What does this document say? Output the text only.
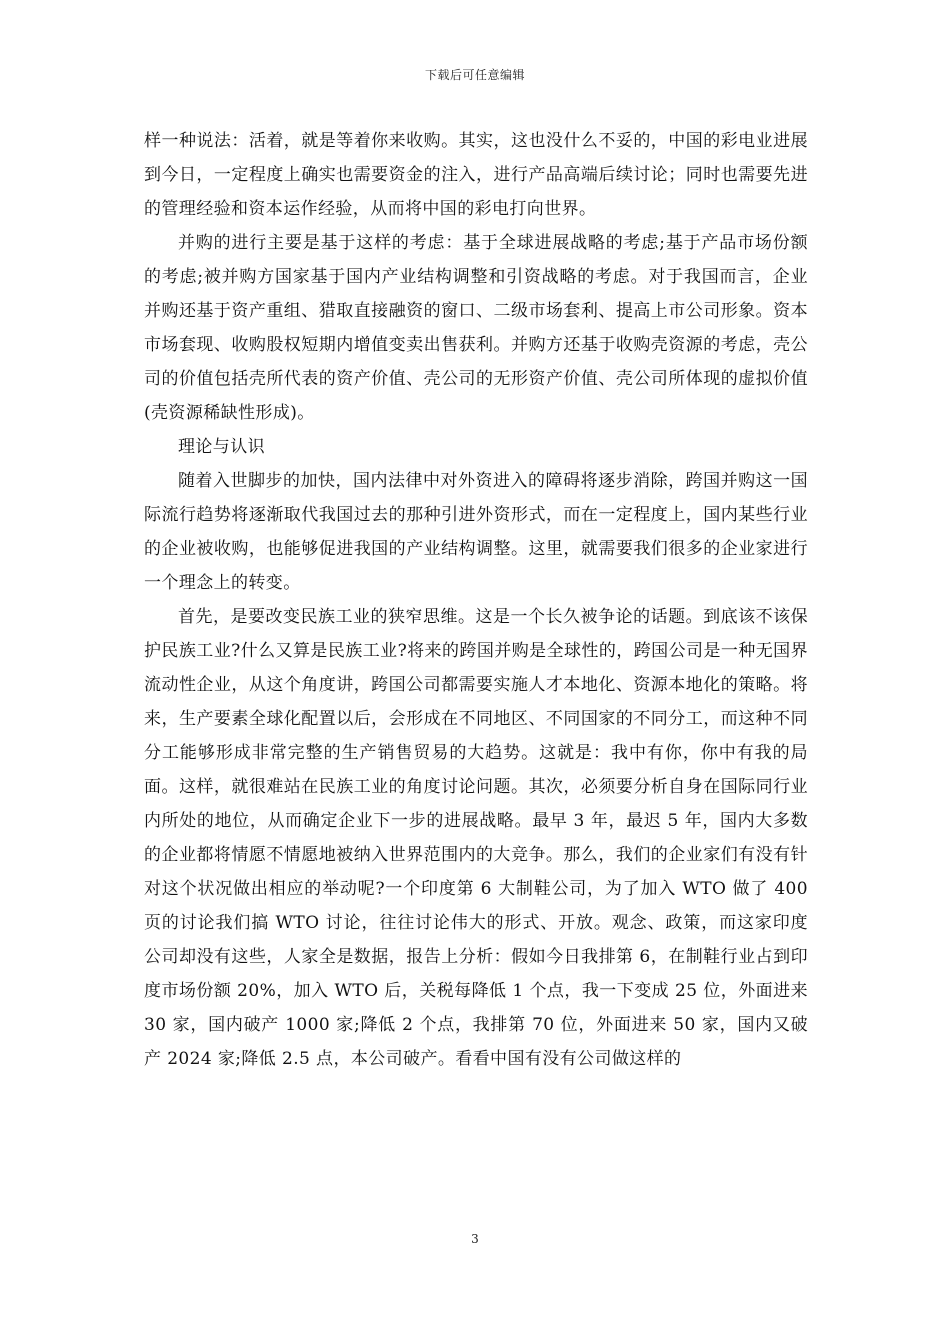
下载后可任意编辑

样一种说法：活着，就是等着你来收购。其实，这也没什么不妥的，中国的彩电业进展到今日，一定程度上确实也需要资金的注入，进行产品高端后续讨论；同时也需要先进的管理经验和资本运作经验，从而将中国的彩电打向世界。

并购的进行主要是基于这样的考虑：基于全球进展战略的考虑;基于产品市场份额的考虑;被并购方国家基于国内产业结构调整和引资战略的考虑。对于我国而言，企业并购还基于资产重组、猎取直接融资的窗口、二级市场套利、提高上市公司形象。资本市场套现、收购股权短期内增值变卖出售获利。并购方还基于收购壳资源的考虑，壳公司的价值包括壳所代表的资产价值、壳公司的无形资产价值、壳公司所体现的虚拟价值(壳资源稀缺性形成)。

理论与认识

随着入世脚步的加快，国内法律中对外资进入的障碍将逐步消除，跨国并购这一国际流行趋势将逐渐取代我国过去的那种引进外资形式，而在一定程度上，国内某些行业的企业被收购，也能够促进我国的产业结构调整。这里，就需要我们很多的企业家进行一个理念上的转变。

首先，是要改变民族工业的狭窄思维。这是一个长久被争论的话题。到底该不该保护民族工业?什么又算是民族工业?将来的跨国并购是全球性的，跨国公司是一种无国界流动性企业，从这个角度讲，跨国公司都需要实施人才本地化、资源本地化的策略。将来，生产要素全球化配置以后，会形成在不同地区、不同国家的不同分工，而这种不同分工能够形成非常完整的生产销售贸易的大趋势。这就是：我中有你，你中有我的局面。这样，就很难站在民族工业的角度讨论问题。其次，必须要分析自身在国际同行业内所处的地位，从而确定企业下一步的进展战略。最早 3 年，最迟 5 年，国内大多数的企业都将情愿不情愿地被纳入世界范围内的大竞争。那么，我们的企业家们有没有针对这个状况做出相应的举动呢?一个印度第 6 大制鞋公司，为了加入 WTO 做了 400 页的讨论我们搞 WTO 讨论，往往讨论伟大的形式、开放。观念、政策，而这家印度公司却没有这些，人家全是数据，报告上分析：假如今日我排第 6，在制鞋行业占到印度市场份额 20%，加入 WTO 后，关税每降低 1 个点，我一下变成 25 位，外面进来 30 家，国内破产 1000 家;降低 2 个点，我排第 70 位，外面进来 50 家，国内又破产 2024 家;降低 2.5 点，本公司破产。看看中国有没有公司做这样的

3
